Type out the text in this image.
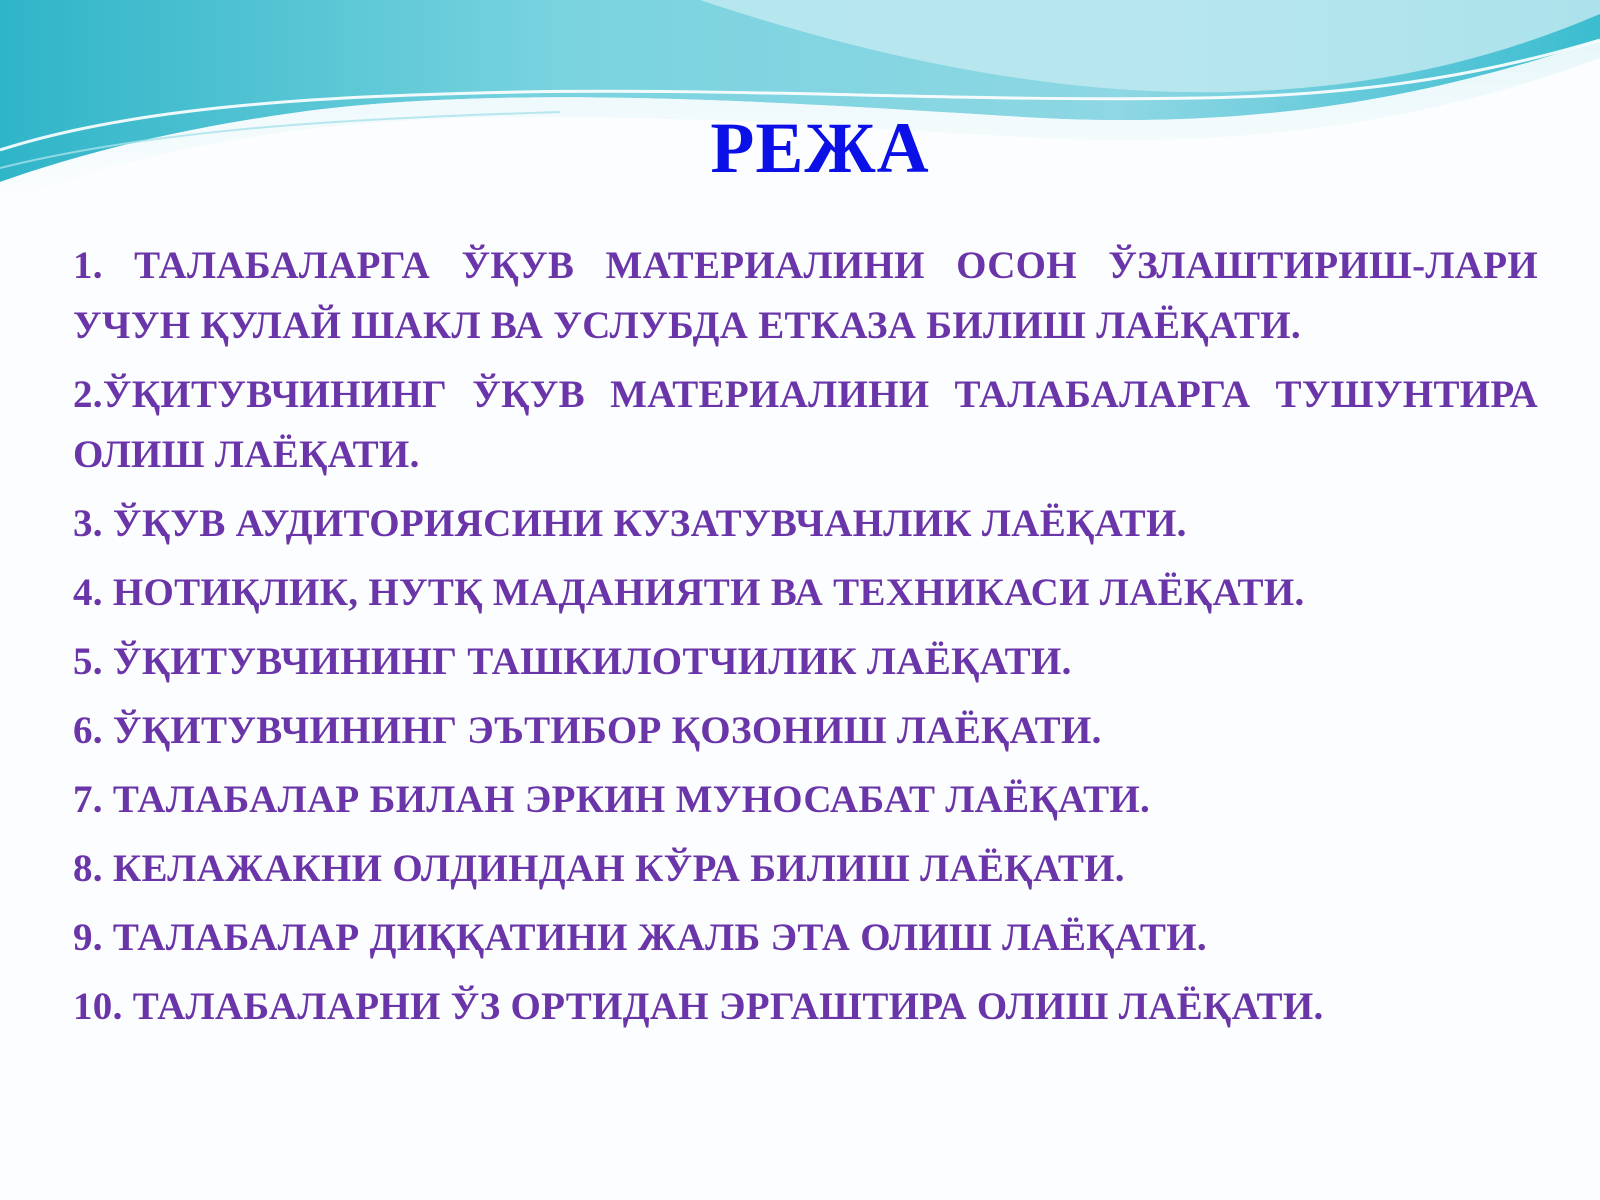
РЕЖА
1. ТАЛАБАЛАРГА ЎҚУВ МАТЕРИАЛИНИ ОСОН ЎЗЛАШТИРИШ-ЛАРИ УЧУН ҚУЛАЙ ШАКЛ ВА УСЛУБДА ЕТКАЗА БИЛИШ ЛАЁҚАТИ.
2.ЎҚИТУВЧИНИНГ ЎҚУВ МАТЕРИАЛИНИ ТАЛАБАЛАРГА ТУШУНТИРА ОЛИШ ЛАЁҚАТИ.
3. ЎҚУВ АУДИТОРИЯСИНИ КУЗАТУВЧАНЛИК ЛАЁҚАТИ.
4. НОТИҚЛИК, НУТҚ МАДАНИЯТИ ВА ТЕХНИКАСИ ЛАЁҚАТИ.
5. ЎҚИТУВЧИНИНГ ТАШКИЛОТЧИЛИК ЛАЁҚАТИ.
6. ЎҚИТУВЧИНИНГ ЭЪТИБОР ҚОЗОНИШ ЛАЁҚАТИ.
7. ТАЛАБАЛАР БИЛАН ЭРКИН МУНОСАБАТ ЛАЁҚАТИ.
8. КЕЛАЖАКНИ ОЛДИНДАН КЎРА БИЛИШ ЛАЁҚАТИ.
9. ТАЛАБАЛАР ДИҚҚАТИНИ ЖАЛБ ЭТА ОЛИШ ЛАЁҚАТИ.
10. ТАЛАБАЛАРНИ ЎЗ ОРТИДАН ЭРГАШТИРА ОЛИШ ЛАЁҚАТИ.
